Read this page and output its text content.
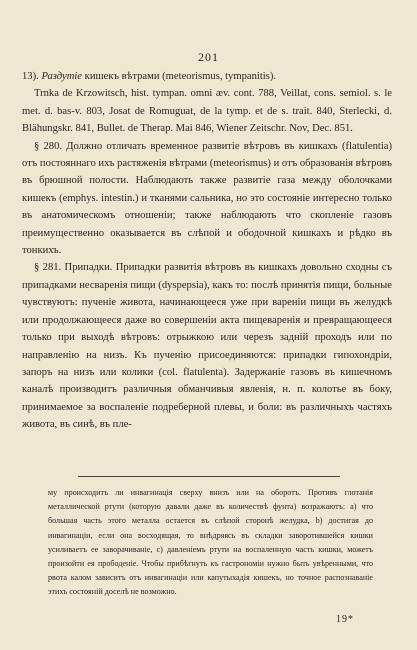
201

13). Раздутіе кишекъ вѣтрами (meteorismus, tympanitis).

Trnka de Krzowitsch, hist. tympan. omni æv. cont. 788, Veillat, cons. semiol. s. le met. d. bas-v. 803, Josat de Romuguat, de la tymp. et de s. trait. 840, Sterlecki, d. Blähungskr. 841, Bullet. de Therap. Mai 846, Wiener Zeitschr. Nov, Dec. 851.

§ 280. Должно отличать временное развитіе вѣтровъ въ кишкахъ (flatulentia) отъ постояннаго ихъ растяженія вѣтрами (meteorismus) и отъ образованія вѣтровъ въ брюшной полости. Наблюдають также развитіе газа между оболочками кишекъ (emphys. intestin.) и тканями сальника, но это состояніе интересно только въ анатомическомъ отношеніи; также наблюдають что скопленіе газовъ преимущественно оказывается въ слѣпой и ободочной кишкахъ и рѣдко въ тонкихъ.

§ 281. Припадки. Припадки развитія вѣтровъ въ кишкахъ довольно сходны съ припадками несваренія пищи (dyspepsia), какъ то: послѣ принятія пищи, больные чувствуютъ: пученіе живота, начинающееся уже при вареніи пищи въ желудкѣ или продолжающееся даже во совершеніи акта пищеваренія и превращающееся только при выходѣ вѣтровъ: отрыжкою или черезъ задній проходъ или по направленію на низъ. Къ пученію присоединяются: припадки гипохондріи, запоръ на низъ или колики (col. flatulenta). Задержаніе газовъ въ кишечномъ каналѣ производитъ различныя обманчивыя явленія, н. п. колотье въ боку, принимаемое за воспаленіе подреберной плевы, и боли: въ различныхъ частяхъ живота, въ синѣ, въ пле-

му происходитъ ли инвагинація сверху внизъ или на оборотъ. Противъ глотанія металлической ртути (которую давали даже въ количествѣ фунта) возражаютъ: а) что большая часть этого металла остается въ слѣпой сторонѣ желудка, b) достигая до инвагинаціи, если она восходящая, то внѣдряясь въ складки заворотившейся кишки усиливаетъ ее заворачиваніе, c) давленіемъ ртути на воспаленную часть кишки, можетъ произойти ея прободеніе. Чтобы прибѣгнуть къ гастрономіи нужно быть увѣренными, что рвота калом зависитъ отъ инвагинаціи или капутыхадія кишекъ, но точное распознаваніе этихъ состояній доселѣ не возможно.

19*
